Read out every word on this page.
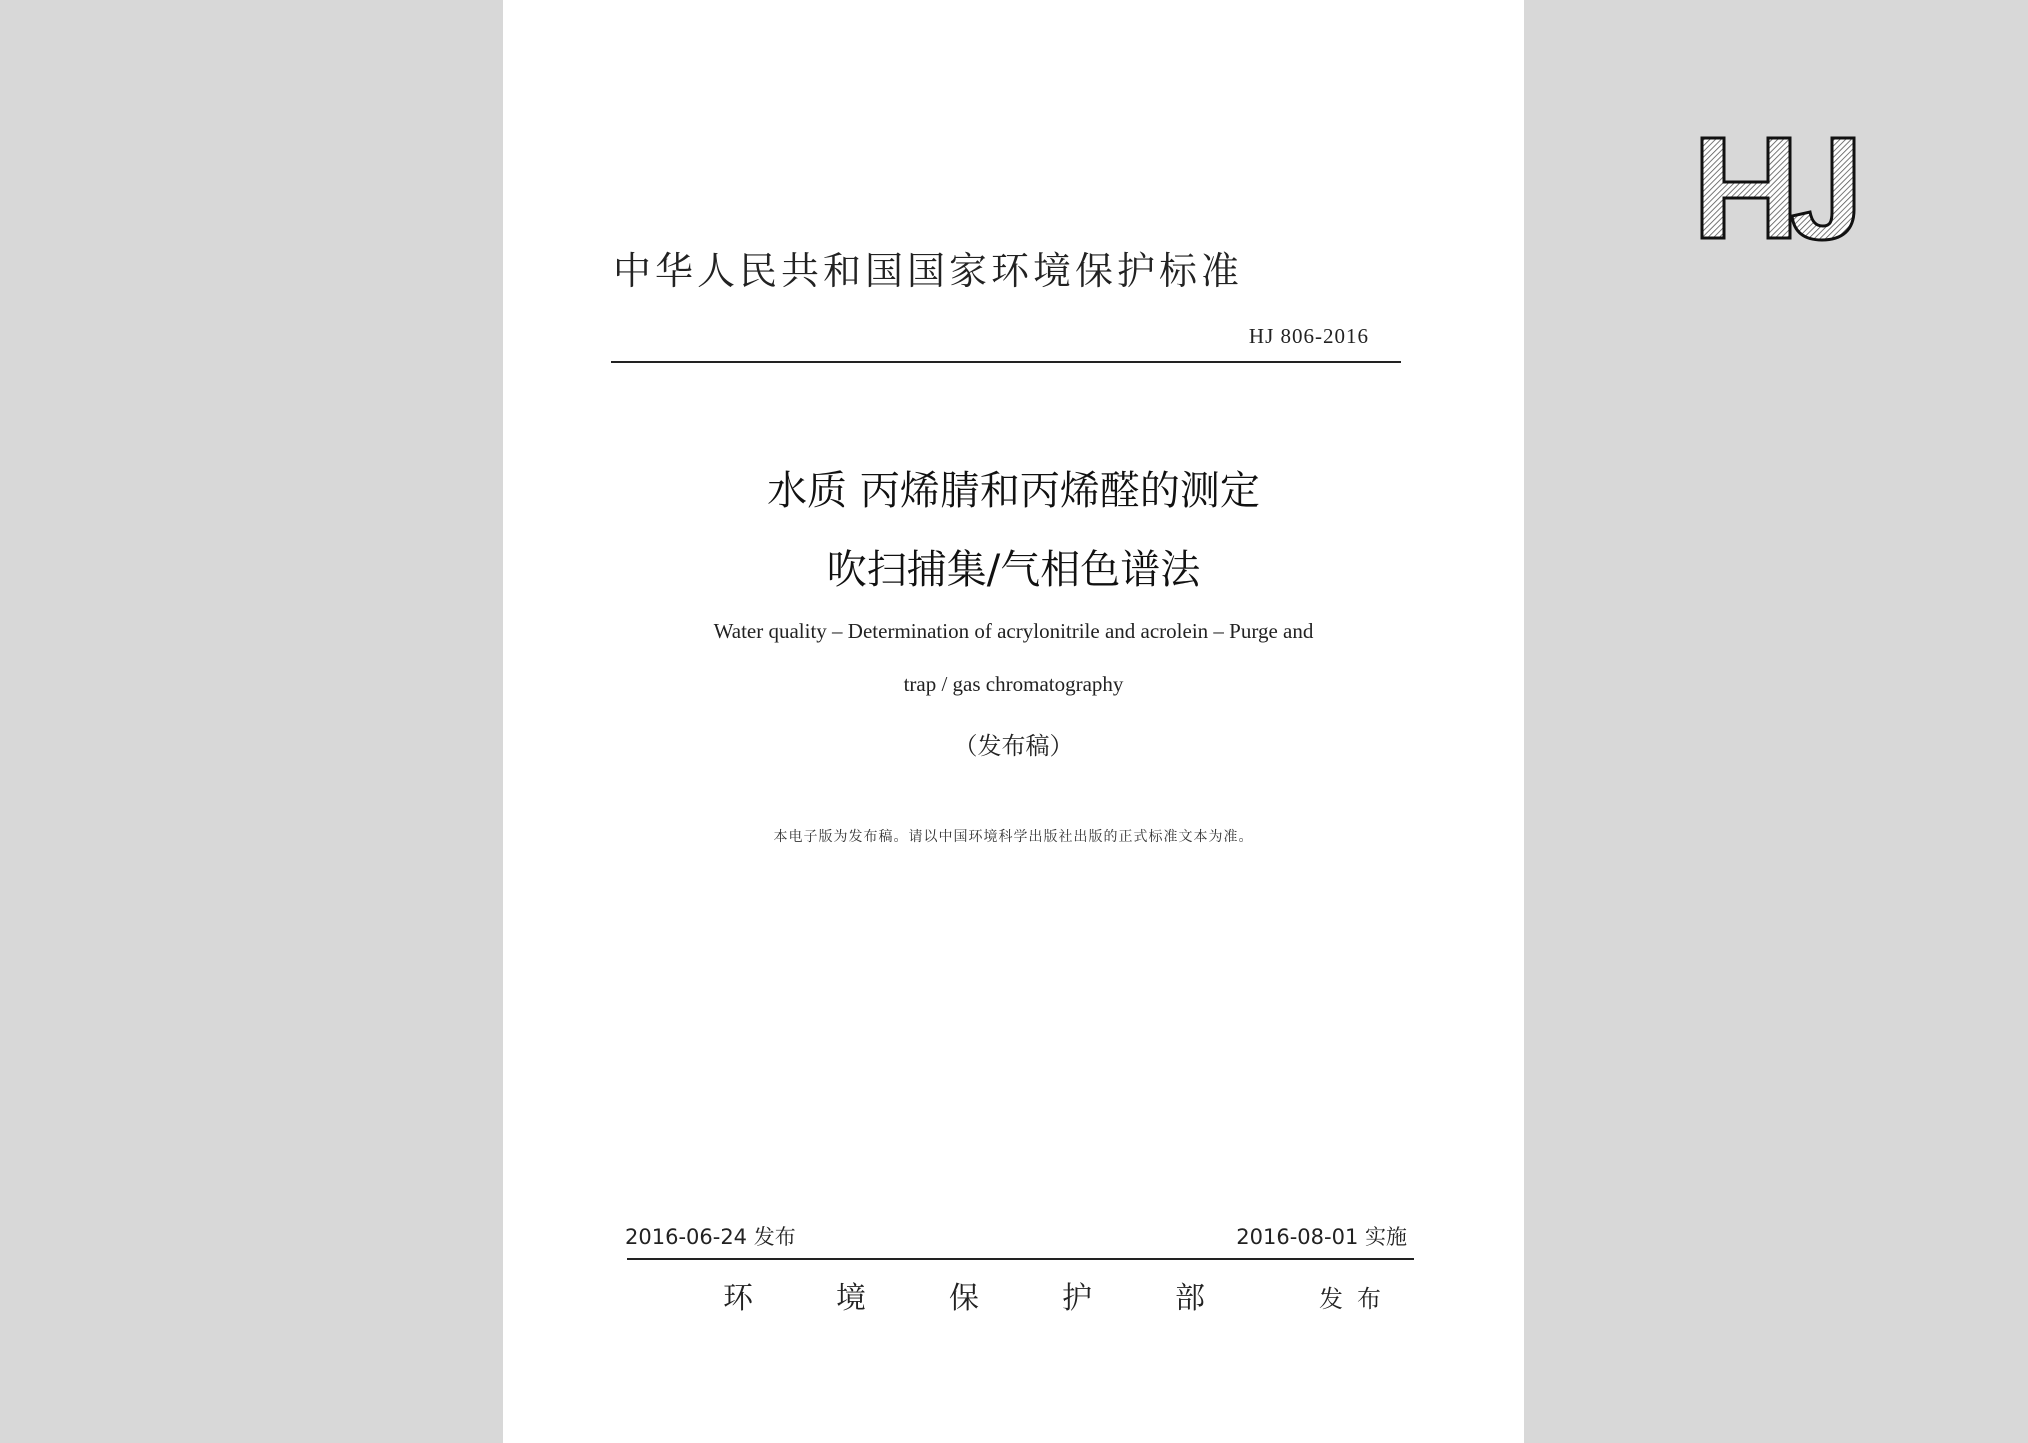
中华人民共和国国家环境保护标准
HJ 806-2016
水质 丙烯腈和丙烯醛的测定
吹扫捕集/气相色谱法
Water quality – Determination of acrylonitrile and acrolein – Purge and
trap / gas chromatography
（发布稿）
本电子版为发布稿。请以中国环境科学出版社出版的正式标准文本为准。
2016-06-24 发布	2016-08-01 实施
环境保护部 发布
